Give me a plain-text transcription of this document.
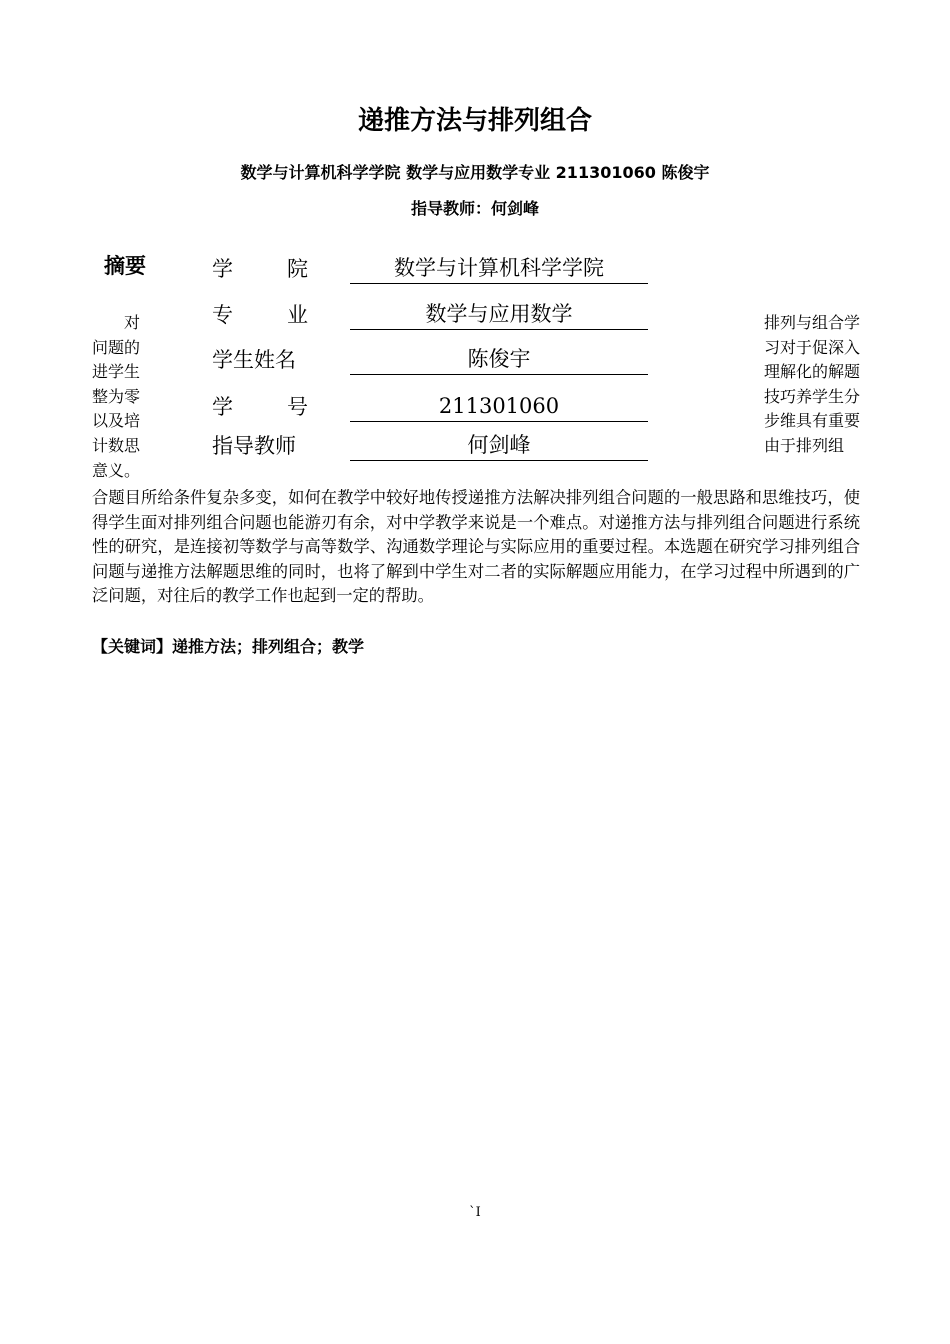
递推方法与排列组合
数学与计算机科学学院 数学与应用数学专业 211301060 陈俊宇
指导教师：何剑峰
摘要
对问题的进学生整为零以及培计数思意义。
排列与组合学习对于促深入理解化的解题技巧养学生分步维具有重要由于排列组
学	院	数学与计算机科学学院
专	业	数学与应用数学
学生姓名	陈俊宇
学	号	211301060
指导教师	何剑峰
合题目所给条件复杂多变，如何在教学中较好地传授递推方法解决排列组合问题的一般思路和思维技巧，使得学生面对排列组合问题也能游刃有余，对中学教学来说是一个难点。对递推方法与排列组合问题进行系统性的研究，是连接初等数学与高等数学、沟通数学理论与实际应用的重要过程。本选题在研究学习排列组合问题与递推方法解题思维的同时，也将了解到中学生对二者的实际解题应用能力，在学习过程中所遇到的广泛问题，对往后的教学工作也起到一定的帮助。
【关键词】递推方法；排列组合；教学
`I
